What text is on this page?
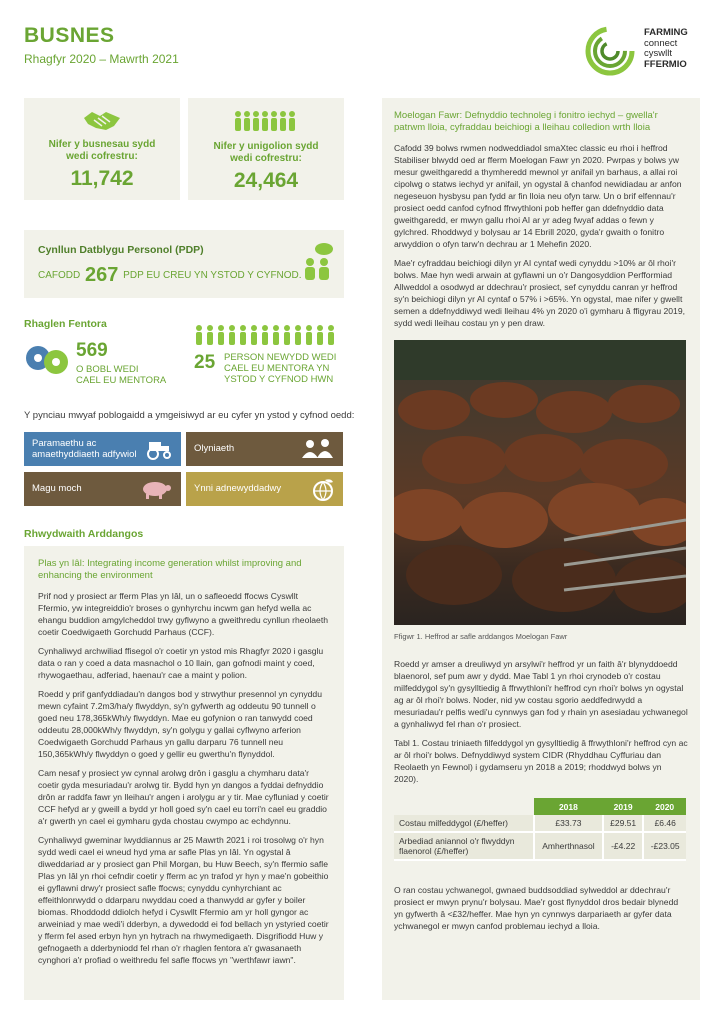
BUSNES
Rhagfyr 2020 – Mawrth 2021
FARMING
connect
cyswllt
FFERMIO
Nifer y busnesau sydd wedi cofrestru:
11,742
Nifer y unigolion sydd wedi cofrestru:
24,464
Cynllun Datblygu Personol (PDP)
CAFODD 267 PDP EU CREU YN YSTOD Y CYFNOD.
Rhaglen Fentora
569
O BOBL WEDI
CAEL EU MENTORA
25 PERSON NEWYDD WEDI
CAEL EU MENTORA YN
YSTOD Y CYFNOD HWN
Y pynciau mwyaf poblogaidd a ymgeisiwyd ar eu cyfer yn ystod y cyfnod oedd:
Paramaethu ac
amaethyddiaeth adfywiol
Olyniaeth
Magu moch	Ynni adnewyddadwy
Rhwydwaith Arddangos
Plas yn Iâl: Integrating income generation whilst improving and enhancing the environment

Prif nod y prosiect ar fferm Plas yn Iâl, un o safleoedd ffocws Cyswllt Ffermio, yw integreiddio'r broses o gynhyrchu incwm gan hefyd wella ac ehangu buddion amgylcheddol trwy gyflwyno a gweithredu cynllun rheolaeth coetir Coedwigaeth Gorchudd Parhaus (CCF).

Cynhaliwyd archwiliad ffisegol o'r coetir yn ystod mis Rhagfyr 2020 i gasglu data o ran y coed a data masnachol o 10 llain, gan gofnodi maint y coed, rhywogaethau, adferiad, haenau'r cae a maint y polion.

Roedd y prif ganfyddiadau'n dangos bod y strwythur presennol yn cynyddu mewn cyfaint 7.2m3/ha/y flwyddyn, sy'n gyfwerth ag oddeutu 90 tunnell o goed neu 178,365kWh/y flwyddyn. Mae eu gofynion o ran tanwydd coed oddeutu 28,000kWh/y flwyddyn, sy'n golygu y gallai cyflwyno arferion Coedwigaeth Gorchudd Parhaus yn gallu darparu 76 tunnell neu 150,365kWh/y flwyddyn o goed y gellir eu gwerthu'n flynyddol.

Cam nesaf y prosiect yw cynnal arolwg drôn i gasglu a chymharu data'r coetir gyda mesuriadau'r arolwg tir. Bydd hyn yn dangos a fyddai defnyddio drôn ar raddfa fawr yn lleihau'r angen i arolygu ar y tir. Mae cyfluniad y coetir CCF hefyd ar y gweill a bydd yr holl goed sy'n cael eu torri'n cael eu graddio a'r gwerth yn cael ei gymharu gyda chostau cwympo ac echdynnu.

Cynhaliwyd gweminar lwyddiannus ar 25 Mawrth 2021 i roi trosolwg o'r hyn sydd wedi cael ei wneud hyd yma ar safle Plas yn Iâl. Yn ogystal â diweddariad ar y prosiect gan Phil Morgan, bu Huw Beech, sy'n ffermio safle Plas yn Iâl yn rhoi cefndir coetir y fferm ac yn trafod yr hyn y mae'n gobeithio ei gyflawni drwy'r prosiect safle ffocws; cynyddu cynhyrchiant ac effeithlonrwydd o ddarparu nwyddau coed a thanwydd ar gyfer y boiler biomas. Rhoddodd ddiolch hefyd i Cyswllt Ffermio am yr holl gyngor ac arweiniad y mae wedi'i dderbyn, a dywedodd ei fod bellach yn ystyried coetir y fferm fel ased erbyn hyn yn hytrach na rhwymedigaeth. Disgrifiodd Huw y gefnogaeth a dderbyniodd fel rhan o'r rhaglen fentora a'r gwasanaeth cynghori a'r profiad o weithredu fel safle ffocws yn "werthfawr iawn".

Moelogan Fawr: Defnyddio technoleg i fonitro iechyd – gwella'r patrwm lloia, cyfraddau beichiogi a lleihau colledion wrth lloia

Cafodd 39 bolws rwmen nodweddiadol smaXtec classic eu rhoi i heffrod Stabiliser blwydd oed ar fferm Moelogan Fawr yn 2020. Pwrpas y bolws yw mesur gweithgaredd a thymheredd mewnol yr anifail yn barhaus, a allai roi cipolwg o statws iechyd yr anifail, yn ogystal â chanfod newidiadau ar anfon negeseuon hysbysu pan fydd ar fin lloia neu ofyn tarw. Un o brif elfennau'r prosiect oedd canfod cyfnod ffrwythloni pob heffer gan ddefnyddio data gweithgaredd, er mwyn gallu rhoi AI ar yr adeg fwyaf addas o fewn y gylchred. Rhoddwyd y bolysau ar 14 Ebrill 2020, gyda'r gwaith o fonitro arwyddion o ofyn tarw'n dechrau ar 1 Mehefin 2020.

Mae'r cyfraddau beichiogi dilyn yr AI cyntaf wedi cynyddu >10% ar ôl rhoi'r bolws. Mae hyn wedi arwain at gyflawni un o'r Dangosyddion Perfformiad Allweddol a osodwyd ar ddechrau'r prosiect, sef cynyddu canran yr heffrod sy'n beichiogi dilyn yr AI cyntaf o 57% i >65%. Yn ogystal, mae nifer y gwellt semen a ddefnyddiwyd wedi lleihau 4% yn 2020 o'i gymharu â ffigyrau 2019, sydd wedi lleihau costau yn y pen draw.

Ffigwr 1. Heffrod ar safle arddangos Moelogan Fawr

Roedd yr amser a dreuliwyd yn arsylwi'r heffrod yr un faith â'r blynyddoedd blaenorol, sef pum awr y dydd. Mae Tabl 1 yn rhoi crynodeb o'r costau milfeddygol sy'n gysylltiedig â ffrwythloni'r heffrod cyn rhoi'r bolws yn ogystal ag ar ôl rhoi'r bolws. Noder, nid yw costau sgorio aeddfedrwydd a mesuriadau'r pelfis wedi'u cynnwys gan fod y rhain yn asesiadau ychwanegol a gynhaliwyd fel rhan o'r prosiect.

Tabl 1. Costau triniaeth filfeddygol yn gysylltiedig â ffrwythloni'r heffrod cyn ac ar ôl rhoi'r bolws. Defnyddiwyd system CIDR (Rhyddhau Cyffuriau dan Reolaeth yn Fewnol) i gydamseru yn 2018 a 2019; rhoddwyd bolws yn 2020).

	2018	2019	2020
Costau milfeddygol (£/heffer)	£33.73	£29.51	£6.46
Arbediad aniannol o'r flwyddyn flaenorol (£/heffer)	Amherthnasol	-£4.22	-£23.05

O ran costau ychwanegol, gwnaed buddsoddiad sylweddol ar ddechrau'r prosiect er mwyn prynu'r bolysau. Mae'r gost flynyddol dros bedair blynedd yn gyfwerth â <£32/heffer. Mae hyn yn cynnwys darpariaeth ar gyfer data ychwanegol er mwyn canfod problemau iechyd a lloia.
